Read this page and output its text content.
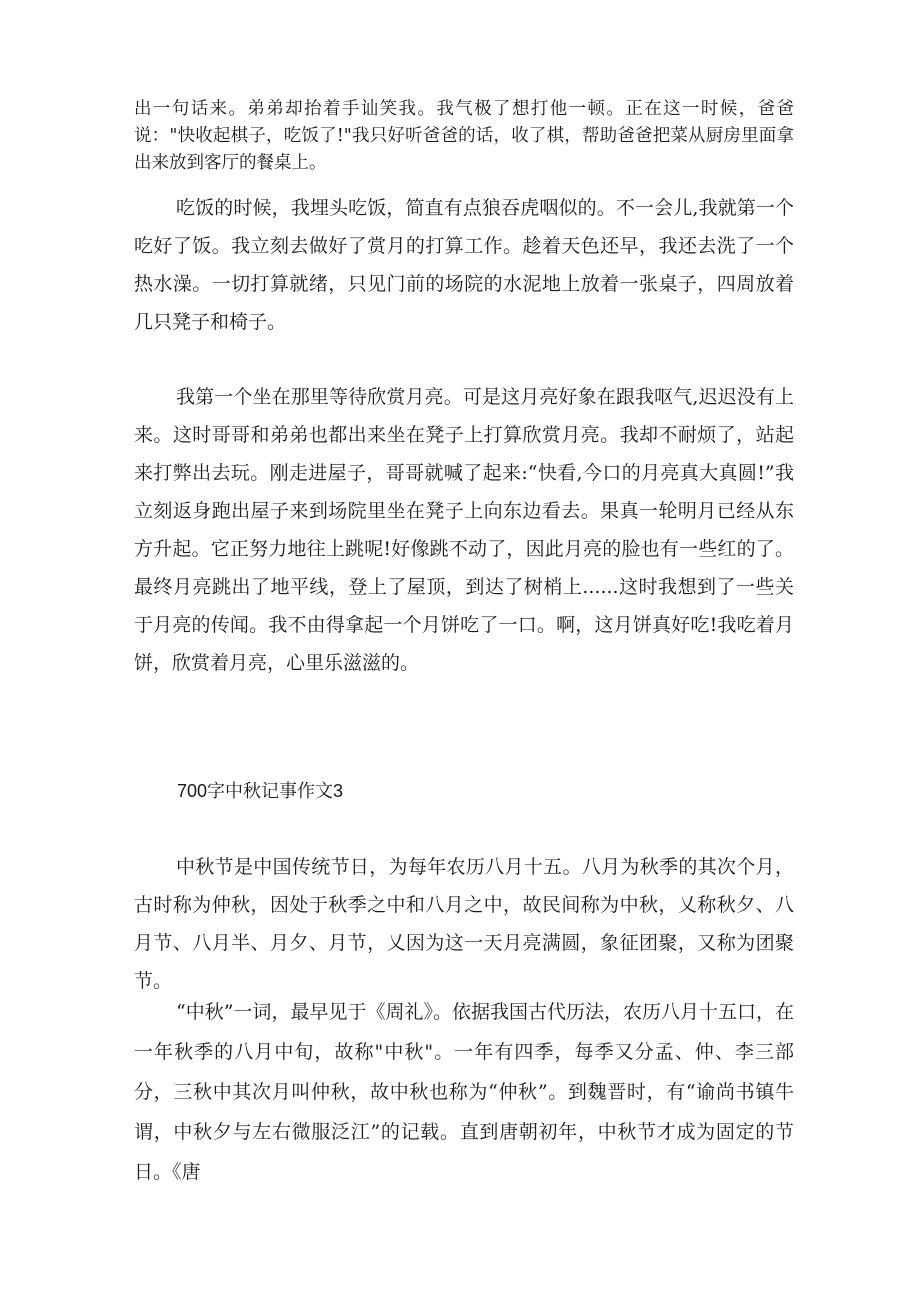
出一句话来。弟弟却抬着手讪笑我。我气极了想打他一顿。正在这一时候，爸爸说："快收起棋子，吃饭了!"我只好听爸爸的话，收了棋，帮助爸爸把菜从厨房里面拿出来放到客厅的餐桌上。

吃饭的时候，我埋头吃饭，简直有点狼吞虎咽似的。不一会儿,我就第一个吃好了饭。我立刻去做好了赏月的打算工作。趁着天色还早，我还去洗了一个热水澡。一切打算就绪，只见门前的场院的水泥地上放着一张桌子，四周放着几只凳子和椅子。

我第一个坐在那里等待欣赏月亮。可是这月亮好象在跟我呕气,迟迟没有上来。这时哥哥和弟弟也都出来坐在凳子上打算欣赏月亮。我却不耐烦了，站起来打弊出去玩。刚走进屋子，哥哥就喊了起来:“快看,今口的月亮真大真圆!”我立刻返身跑出屋子来到场院里坐在凳子上向东边看去。果真一轮明月已经从东方升起。它正努力地往上跳呢!好像跳不动了，因此月亮的脸也有一些红的了。最终月亮跳出了地平线，登上了屋顶，到达了树梢上......这时我想到了一些关于月亮的传闻。我不由得拿起一个月饼吃了一口。啊，这月饼真好吃!我吃着月饼，欣赏着月亮，心里乐滋滋的。

700字中秋记事作文3

中秋节是中国传统节日，为每年农历八月十五。八月为秋季的其次个月，古时称为仲秋，因处于秋季之中和八月之中，故民间称为中秋，乂称秋夕、八月节、八月半、月夕、月节，乂因为这一天月亮满圆，象征团聚，又称为团聚节。

“中秋”一词，最早见于《周礼》。依据我国古代历法，农历八月十五口，在一年秋季的八月中旬，故称"中秋"。一年有四季，每季又分孟、仲、李三部分，三秋中其次月叫仲秋，故中秋也称为“仲秋”。到魏晋时，有“谕尚书镇牛谓，中秋夕与左右微服泛江”的记载。直到唐朝初年，中秋节才成为固定的节日。《唐
